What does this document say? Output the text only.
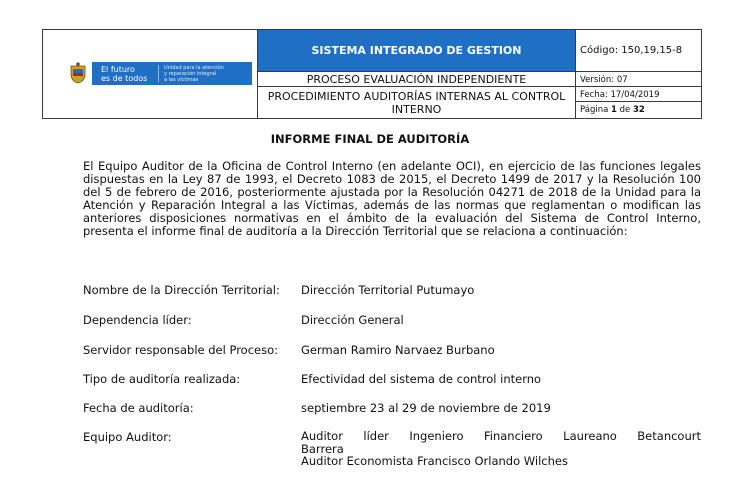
El futuro
es de todos
Unidad para la atención
y reparación integral
a las víctimas
SISTEMA INTEGRADO DE GESTION
PROCESO EVALUACIÓN INDEPENDIENTE
PROCEDIMIENTO AUDITORÍAS INTERNAS AL CONTROL INTERNO
Código: 150,19,15-8
Versión: 07
Fecha: 17/04/2019
Página 1 de 32
INFORME FINAL DE AUDITORÍA

El Equipo Auditor de la Oficina de Control Interno (en adelante OCI), en ejercicio de las funciones legales dispuestas en la Ley 87 de 1993, el Decreto 1083 de 2015, el Decreto 1499 de 2017 y la Resolución 100 del 5 de febrero de 2016, posteriormente ajustada por la Resolución 04271 de 2018 de la Unidad para la Atención y Reparación Integral a las Víctimas, además de las normas que reglamentan o modifican las anteriores disposiciones normativas en el ámbito de la evaluación del Sistema de Control Interno, presenta el informe final de auditoría a la Dirección Territorial que se relaciona a continuación:

Nombre de la Dirección Territorial: Dirección Territorial Putumayo
Dependencia líder:	Dirección General
Servidor responsable del Proceso: German Ramiro Narvaez Burbano
Tipo de auditoría realizada:	Efectividad del sistema de control interno
Fecha de auditoría:	septiembre 23 al 29 de noviembre de 2019
Equipo Auditor:	Auditor líder Ingeniero Financiero Laureano Betancourt
Barrera
Auditor Economista Francisco Orlando Wilches
